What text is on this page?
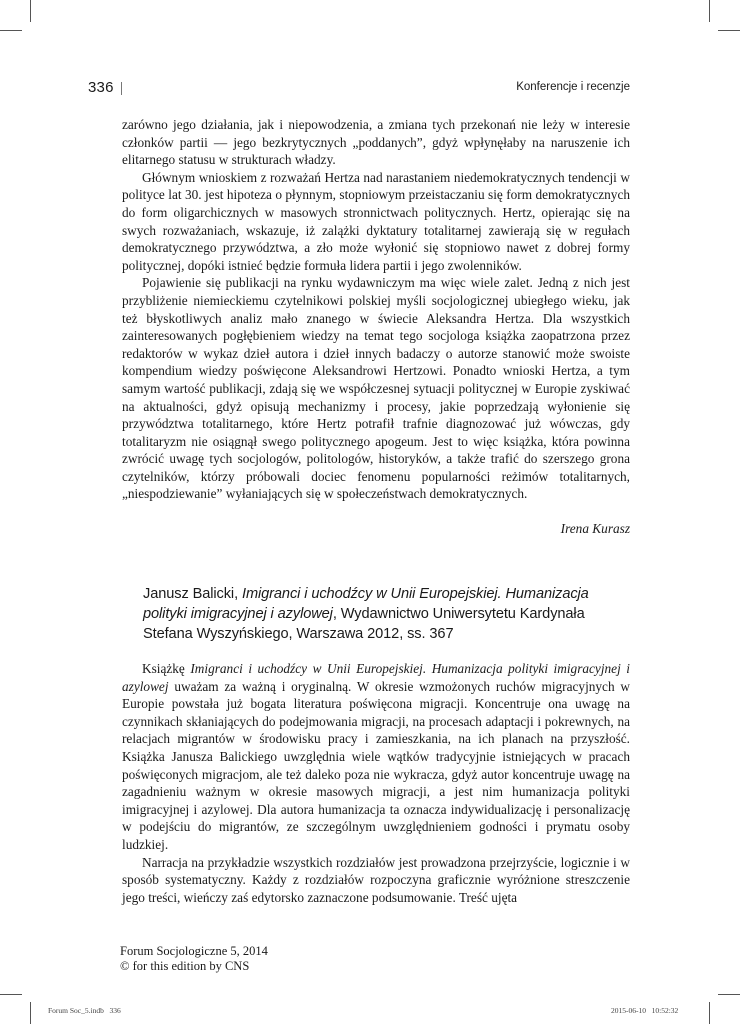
336	Konferencje i recenzje

zarówno jego działania, jak i niepowodzenia, a zmiana tych przekonań nie leży w interesie członków partii — jego bezkrytycznych „poddanych”, gdyż wpłynęłaby na naruszenie ich elitarnego statusu w strukturach władzy.

Głównym wnioskiem z rozważań Hertza nad narastaniem niedemokratycznych tendencji w polityce lat 30. jest hipoteza o płynnym, stopniowym przeistaczaniu się form demokratycznych do form oligarchicznych w masowych stronnictwach politycznych. Hertz, opierając się na swych rozważaniach, wskazuje, iż zalążki dyktatury totalitarnej zawierają się w regułach demokratycznego przywództwa, a zło może wyłonić się stopniowo nawet z dobrej formy politycznej, dopóki istnieć będzie formuła lidera partii i jego zwolenników.

Pojawienie się publikacji na rynku wydawniczym ma więc wiele zalet. Jedną z nich jest przybliżenie niemieckiemu czytelnikowi polskiej myśli socjologicznej ubiegłego wieku, jak też błyskotliwych analiz mało znanego w świecie Aleksandra Hertza. Dla wszystkich zainteresowanych pogłębieniem wiedzy na temat tego socjologa książka zaopatrzona przez redaktorów w wykaz dzieł autora i dzieł innych badaczy o autorze stanowić może swoiste kompendium wiedzy poświęcone Aleksandrowi Hertzowi. Ponadto wnioski Hertza, a tym samym wartość publikacji, zdają się we współczesnej sytuacji politycznej w Europie zyskiwać na aktualności, gdyż opisują mechanizmy i procesy, jakie poprzedzają wyłonienie się przywództwa totalitarnego, które Hertz potrafił trafnie diagnozować już wówczas, gdy totalitaryzm nie osiągnął swego politycznego apogeum. Jest to więc książka, która powinna zwrócić uwagę tych socjologów, politologów, historyków, a także trafić do szerszego grona czytelników, którzy próbowali dociec fenomenu popularności reżimów totalitarnych, „niespodziewanie” wyłaniających się w społeczeństwach demokratycznych.

Irena Kurasz
Janusz Balicki, Imigranci i uchodźcy w Unii Europejskiej. Humanizacja polityki imigracyjnej i azylowej, Wydawnictwo Uniwersytetu Kardynała Stefana Wyszyńskiego, Warszawa 2012, ss. 367

Książkę Imigranci i uchodźcy w Unii Europejskiej. Humanizacja polityki imigracyjnej i azylowej uważam za ważną i oryginalną. W okresie wzmożonych ruchów migracyjnych w Europie powstała już bogata literatura poświęcona migracji. Koncentruje ona uwagę na czynnikach skłaniających do podejmowania migracji, na procesach adaptacji i pokrewnych, na relacjach migrantów w środowisku pracy i zamieszkania, na ich planach na przyszłość. Książka Janusza Balickiego uwzględnia wiele wątków tradycyjnie istniejących w pracach poświęconych migracjom, ale też daleko poza nie wykracza, gdyż autor koncentruje uwagę na zagadnieniu ważnym w okresie masowych migracji, a jest nim humanizacja polityki imigracyjnej i azylowej. Dla autora humanizacja ta oznacza indywidualizację i personalizację w podejściu do migrantów, ze szczególnym uwzględnieniem godności i prymatu osoby ludzkiej.

Narracja na przykładzie wszystkich rozdziałów jest prowadzona przejrzyście, logicznie i w sposób systematyczny. Każdy z rozdziałów rozpoczyna graficznie wyróżnione streszczenie jego treści, wieńczy zaś edytorsko zaznaczone podsumowanie. Treść ujęta

Forum Socjologiczne 5, 2014
© for this edition by CNS
Forum Soc_5.indb   336	2015-06-10   10:52:32
